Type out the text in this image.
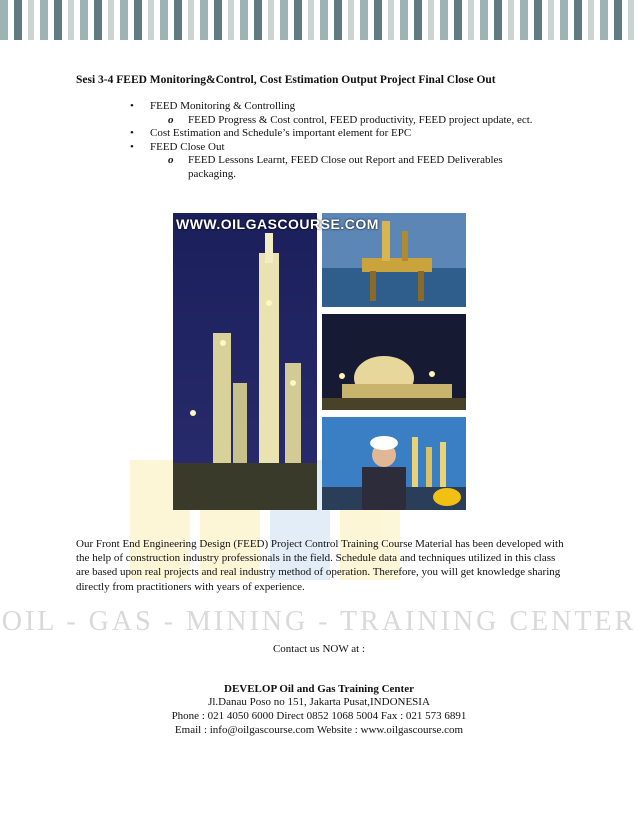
OIL - GAS - MINING - TRAINING CENTER

Sesi 3-4 FEED Monitoring&Control, Cost Estimation Output Project Final Close Out

• FEED Monitoring & Controlling
o FEED Progress & Cost control, FEED productivity, FEED project update, ect.
• Cost Estimation and Schedule’s important element for EPC
• FEED Close Out
o FEED Lessons Learnt, FEED Close out Report and FEED Deliverables packaging.
WWW.OILGASCOURSE.COM

Our Front End Engineering Design (FEED) Project Control Training Course Material has been developed with the help of construction industry professionals in the field. Schedule data and techniques utilized in this class are based upon real projects and real industry method of operation. Therefore, you will get knowledge sharing directly from practitioners with years of experience.

Contact us NOW at :
DEVELOP Oil and Gas Training Center
Jl.Danau Poso no 151, Jakarta Pusat,INDONESIA
Phone : 021 4050 6000 Direct 0852 1068 5004 Fax : 021 573 6891
Email : info@oilgascourse.com Website : www.oilgascourse.com
